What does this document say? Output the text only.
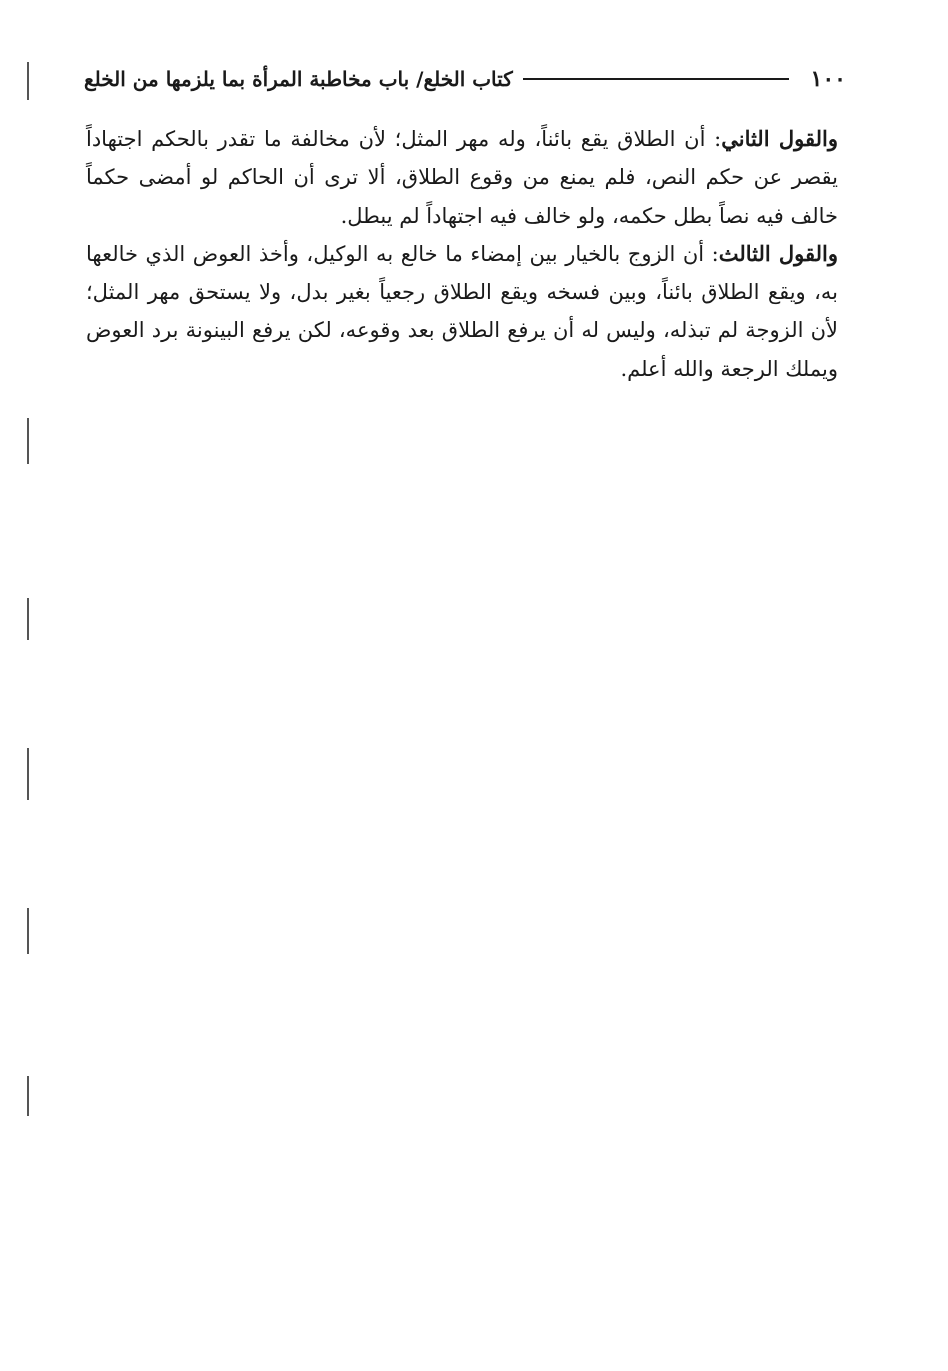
١٠٠
كتاب الخلع/ باب مخاطبة المرأة بما يلزمها من الخلع

والقول الثاني: أن الطلاق يقع بائناً، وله مهر المثل؛ لأن مخالفة ما تقدر بالحكم اجتهاداً يقصر عن حكم النص، فلم يمنع من وقوع الطلاق، ألا ترى أن الحاكم لو أمضى حكماً خالف فيه نصاً بطل حكمه، ولو خالف فيه اجتهاداً لم يبطل.

والقول الثالث: أن الزوج بالخيار بين إمضاء ما خالع به الوكيل، وأخذ العوض الذي خالعها به، ويقع الطلاق بائناً، وبين فسخه ويقع الطلاق رجعياً بغير بدل، ولا يستحق مهر المثل؛ لأن الزوجة لم تبذله، وليس له أن يرفع الطلاق بعد وقوعه، لكن يرفع البينونة برد العوض ويملك الرجعة والله أعلم.
